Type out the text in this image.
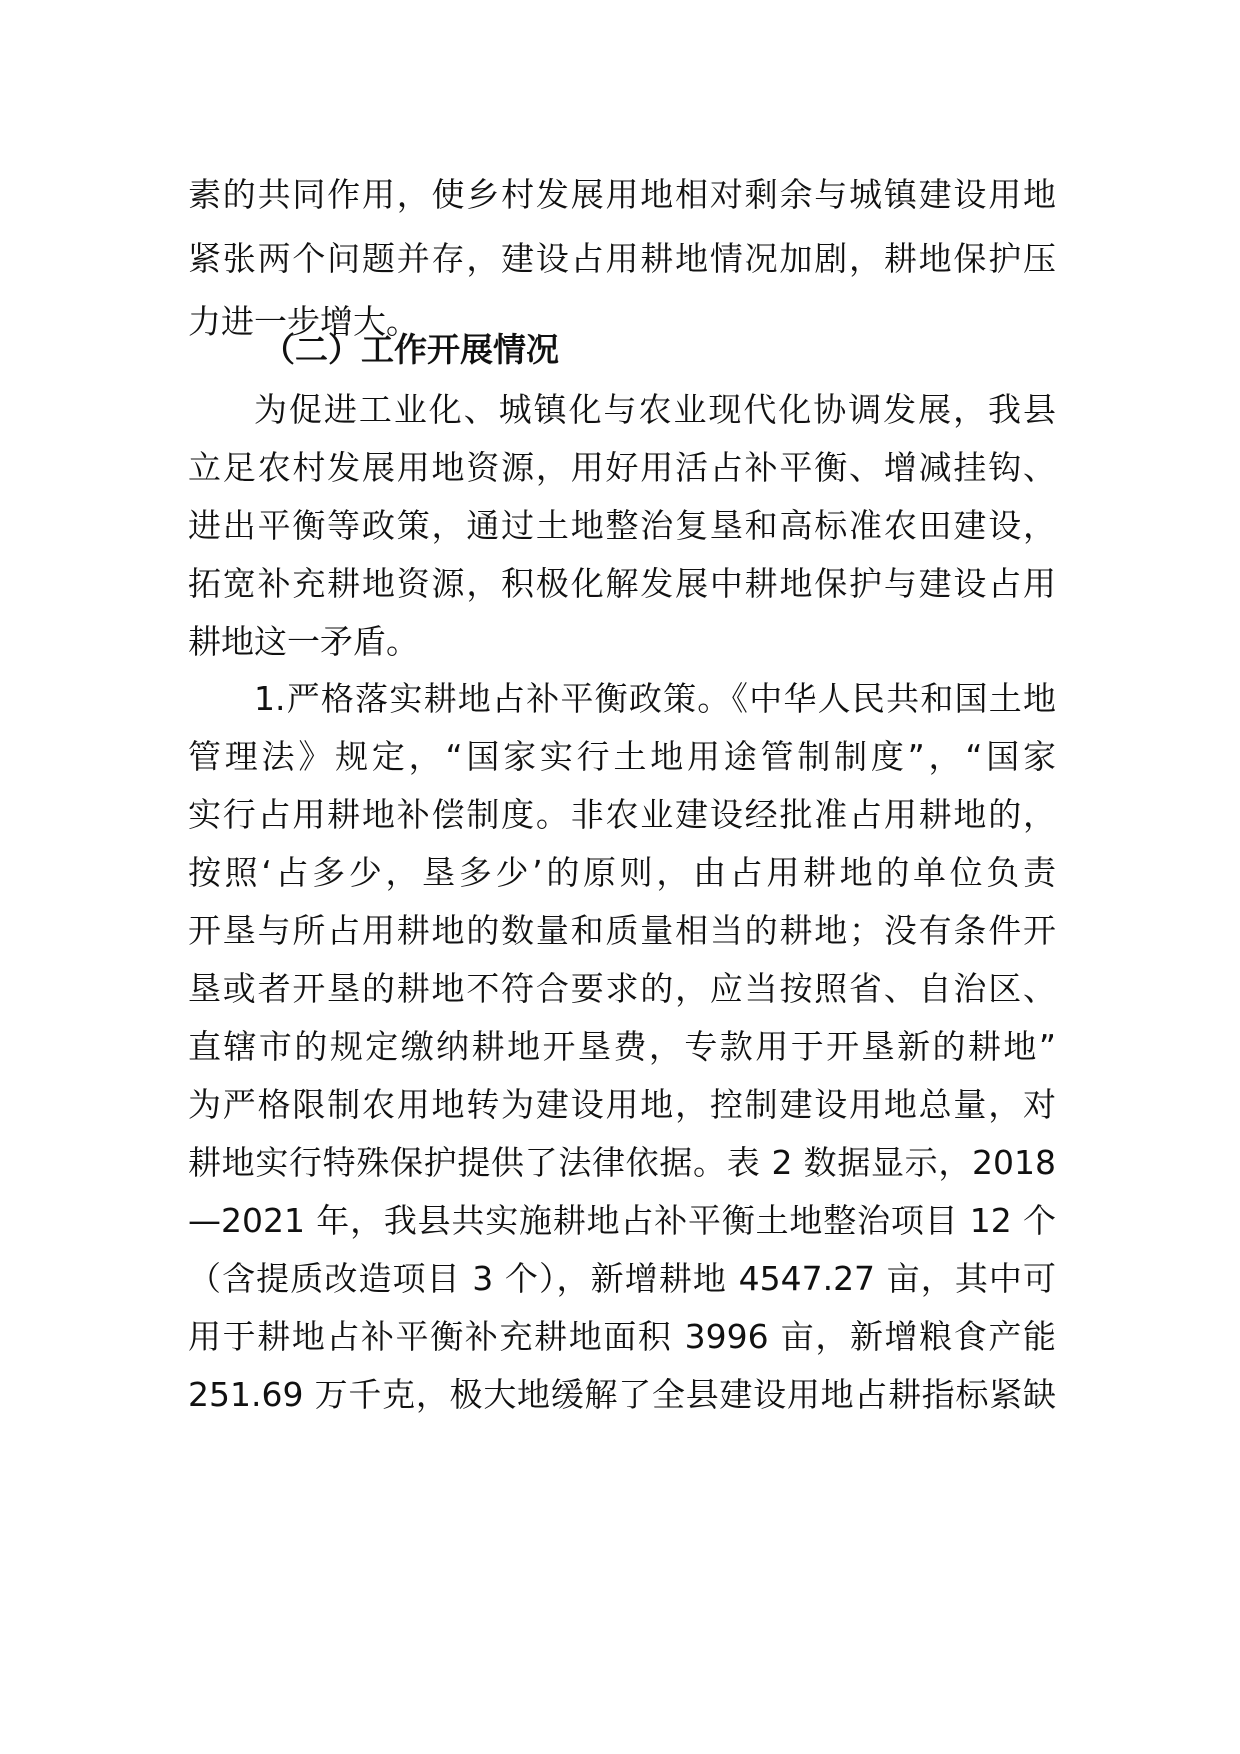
素的共同作用，使乡村发展用地相对剩余与城镇建设用地
紧张两个问题并存，建设占用耕地情况加剧，耕地保护压
力进一步增大。
（二）工作开展情况
为促进工业化、城镇化与农业现代化协调发展，我县
立足农村发展用地资源，用好用活占补平衡、增减挂钩、
进出平衡等政策，通过土地整治复垦和高标准农田建设，
拓宽补充耕地资源，积极化解发展中耕地保护与建设占用
耕地这一矛盾。
1.严格落实耕地占补平衡政策。《中华人民共和国土地
管理法》规定，“国家实行土地用途管制制度”，“国家
实行占用耕地补偿制度。非农业建设经批准占用耕地的，
按照‘占多少，垦多少’的原则，由占用耕地的单位负责
开垦与所占用耕地的数量和质量相当的耕地；没有条件开
垦或者开垦的耕地不符合要求的，应当按照省、自治区、
直辖市的规定缴纳耕地开垦费，专款用于开垦新的耕地”
为严格限制农用地转为建设用地，控制建设用地总量，对
耕地实行特殊保护提供了法律依据。表 2 数据显示，2018
—2021 年，我县共实施耕地占补平衡土地整治项目 12 个
（含提质改造项目 3 个），新增耕地 4547.27 亩，其中可
用于耕地占补平衡补充耕地面积 3996 亩，新增粮食产能
251.69 万千克，极大地缓解了全县建设用地占耕指标紧缺
